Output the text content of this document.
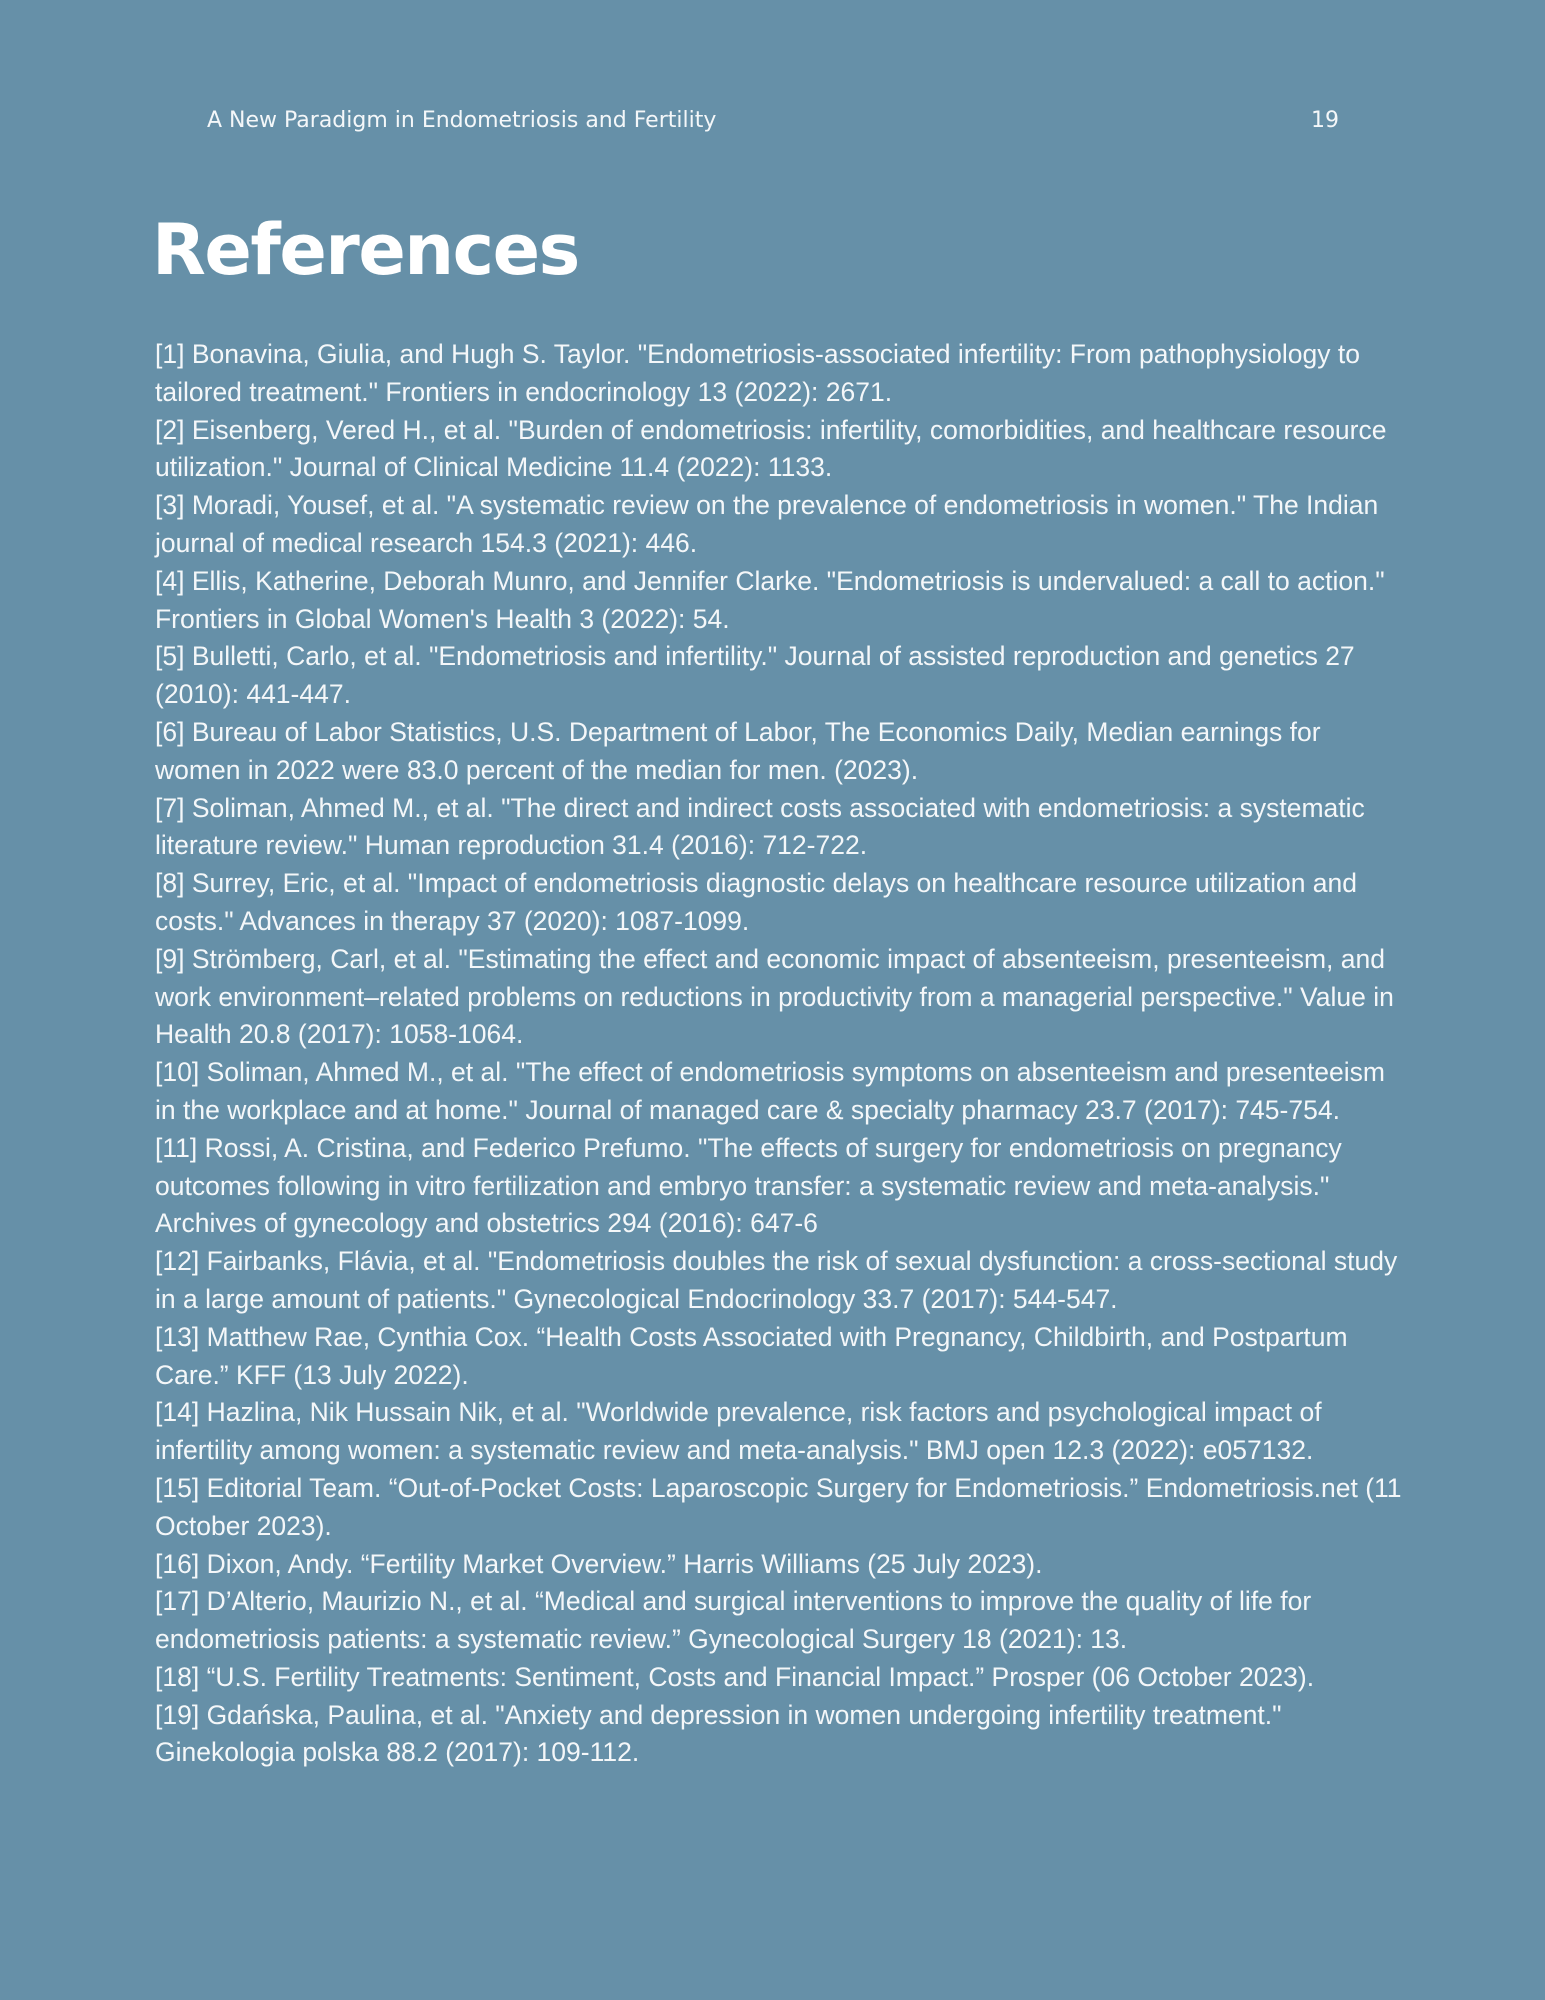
A New Paradigm in Endometriosis and Fertility	19
References
[1] Bonavina, Giulia, and Hugh S. Taylor. "Endometriosis-associated infertility: From pathophysiology to tailored treatment." Frontiers in endocrinology 13 (2022): 2671.
[2] Eisenberg, Vered H., et al. "Burden of endometriosis: infertility, comorbidities, and healthcare resource utilization." Journal of Clinical Medicine 11.4 (2022): 1133.
[3] Moradi, Yousef, et al. "A systematic review on the prevalence of endometriosis in women." The Indian journal of medical research 154.3 (2021): 446.
[4] Ellis, Katherine, Deborah Munro, and Jennifer Clarke. "Endometriosis is undervalued: a call to action." Frontiers in Global Women's Health 3 (2022): 54.
[5] Bulletti, Carlo, et al. "Endometriosis and infertility." Journal of assisted reproduction and genetics 27 (2010): 441-447.
[6] Bureau of Labor Statistics, U.S. Department of Labor, The Economics Daily, Median earnings for women in 2022 were 83.0 percent of the median for men. (2023).
[7] Soliman, Ahmed M., et al. "The direct and indirect costs associated with endometriosis: a systematic literature review." Human reproduction 31.4 (2016): 712-722.
[8] Surrey, Eric, et al. "Impact of endometriosis diagnostic delays on healthcare resource utilization and costs." Advances in therapy 37 (2020): 1087-1099.
[9] Strömberg, Carl, et al. "Estimating the effect and economic impact of absenteeism, presenteeism, and work environment–related problems on reductions in productivity from a managerial perspective." Value in Health 20.8 (2017): 1058-1064.
[10] Soliman, Ahmed M., et al. "The effect of endometriosis symptoms on absenteeism and presenteeism in the workplace and at home." Journal of managed care & specialty pharmacy 23.7 (2017): 745-754.
[11] Rossi, A. Cristina, and Federico Prefumo. "The effects of surgery for endometriosis on pregnancy outcomes following in vitro fertilization and embryo transfer: a systematic review and meta-analysis." Archives of gynecology and obstetrics 294 (2016): 647-6
[12] Fairbanks, Flávia, et al. "Endometriosis doubles the risk of sexual dysfunction: a cross-sectional study in a large amount of patients." Gynecological Endocrinology 33.7 (2017): 544-547.
[13] Matthew Rae, Cynthia Cox. “Health Costs Associated with Pregnancy, Childbirth, and Postpartum Care.” KFF (13 July 2022).
[14] Hazlina, Nik Hussain Nik, et al. "Worldwide prevalence, risk factors and psychological impact of infertility among women: a systematic review and meta-analysis." BMJ open 12.3 (2022): e057132.
[15] Editorial Team. “Out-of-Pocket Costs: Laparoscopic Surgery for Endometriosis.” Endometriosis.net (11 October 2023).
[16] Dixon, Andy. “Fertility Market Overview.” Harris Williams (25 July 2023).
[17] D’Alterio, Maurizio N., et al. “Medical and surgical interventions to improve the quality of life for endometriosis patients: a systematic review.” Gynecological Surgery 18 (2021): 13.
[18] “U.S. Fertility Treatments: Sentiment, Costs and Financial Impact.” Prosper (06 October 2023).
[19] Gdańska, Paulina, et al. "Anxiety and depression in women undergoing infertility treatment." Ginekologia polska 88.2 (2017): 109-112.
